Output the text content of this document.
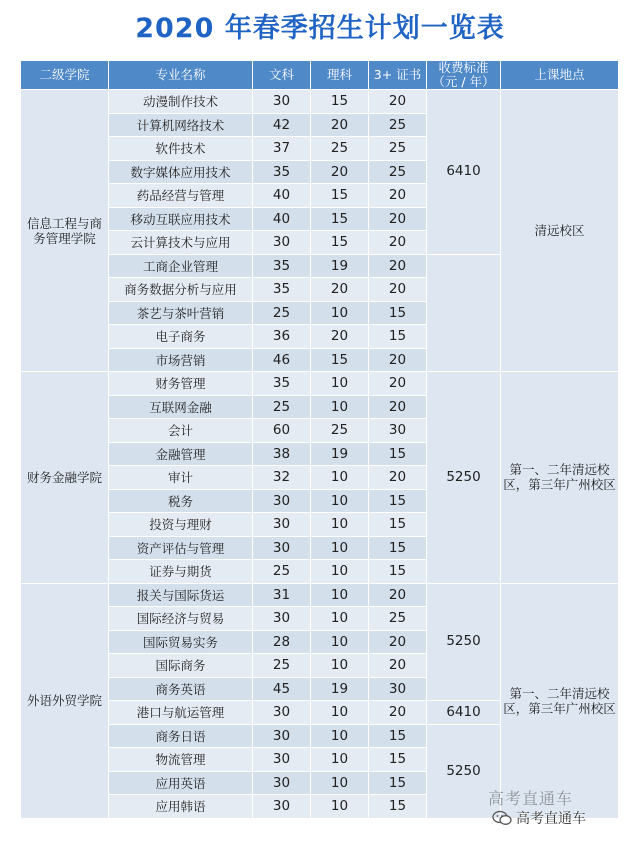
2020 年春季招生计划一览表
二级学院	专业名称	文科	理科	3+ 证书	收费标准（元 / 年）	上课地点
信息工程与商务管理学院	动漫制作技术	30	15	20	6410	清远校区
	计算机网络技术	42	20	25		
	软件技术	37	25	25		
	数字媒体应用技术	35	20	25		
	药品经营与管理	40	15	20		
	移动互联应用技术	40	15	20		
	云计算技术与应用	30	15	20		
	工商企业管理	35	19	20		
	商务数据分析与应用	35	20	20		
	茶艺与茶叶营销	25	10	15		
	电子商务	36	20	15		
	市场营销	46	15	20		
财务金融学院	财务管理	35	10	20	5250	第一、二年清远校区，第三年广州校区
	互联网金融	25	10	20		
	会计	60	25	30		
	金融管理	38	19	15		
	审计	32	10	20		
	税务	30	10	15		
	投资与理财	30	10	15		
	资产评估与管理	30	10	15		
	证券与期货	25	10	15		
外语外贸学院	报关与国际货运	31	10	20	5250	第一、二年清远校区，第三年广州校区
	国际经济与贸易	30	10	25		
	国际贸易实务	28	10	20		
	国际商务	25	10	20		
	商务英语	45	19	30		
	港口与航运管理	30	10	20	6410	
	商务日语	30	10	15	5250	
	物流管理	30	10	15		
	应用英语	30	10	15		
	应用韩语	30	10	15			高考直通车
高考直通车
